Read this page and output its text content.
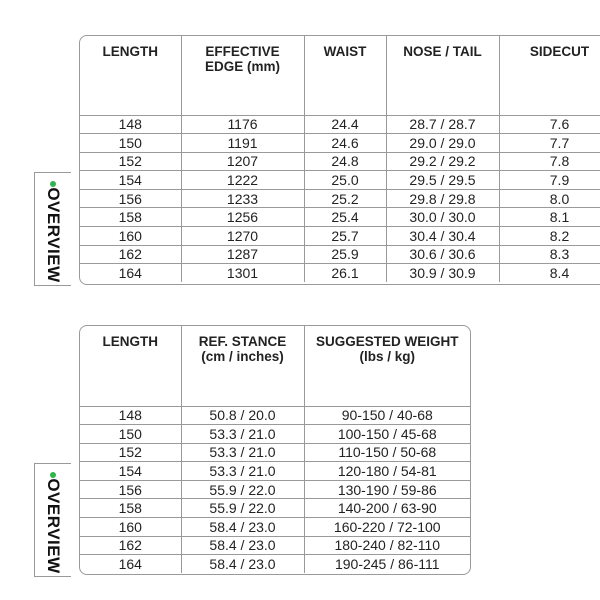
OVERVIEW
LENGTH	EFFECTIVE EDGE (mm)	WAIST	NOSE / TAIL	SIDECUT
148	1176	24.4	28.7 / 28.7	7.6
150	1191	24.6	29.0 / 29.0	7.7
152	1207	24.8	29.2 / 29.2	7.8
154	1222	25.0	29.5 / 29.5	7.9
156	1233	25.2	29.8 / 29.8	8.0
158	1256	25.4	30.0 / 30.0	8.1
160	1270	25.7	30.4 / 30.4	8.2
162	1287	25.9	30.6 / 30.6	8.3
164	1301	26.1	30.9 / 30.9	8.4
OVERVIEW
LENGTH	REF. STANCE (cm / inches)	SUGGESTED WEIGHT (lbs / kg)
148	50.8 / 20.0	90-150 / 40-68
150	53.3 / 21.0	100-150 / 45-68
152	53.3 / 21.0	110-150 / 50-68
154	53.3 / 21.0	120-180 / 54-81
156	55.9 / 22.0	130-190 / 59-86
158	55.9 / 22.0	140-200 / 63-90
160	58.4 / 23.0	160-220 / 72-100
162	58.4 / 23.0	180-240 / 82-110
164	58.4 / 23.0	190-245 / 86-111
